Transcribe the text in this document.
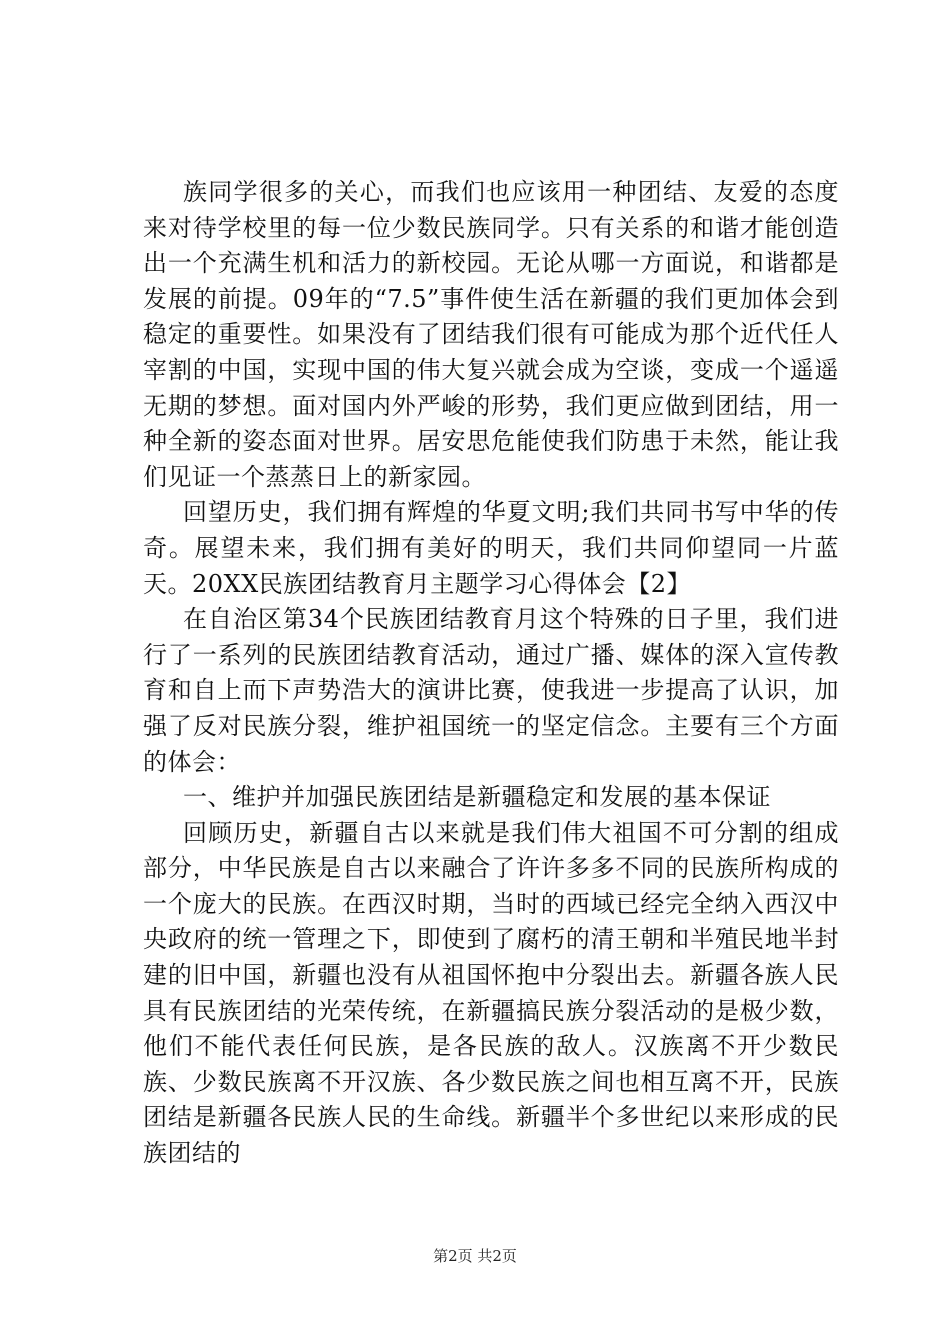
族同学很多的关心，而我们也应该用一种团结、友爱的态度来对待学校里的每一位少数民族同学。只有关系的和谐才能创造出一个充满生机和活力的新校园。无论从哪一方面说，和谐都是发展的前提。09年的“7.5”事件使生活在新疆的我们更加体会到稳定的重要性。如果没有了团结我们很有可能成为那个近代任人宰割的中国，实现中国的伟大复兴就会成为空谈，变成一个遥遥无期的梦想。面对国内外严峻的形势，我们更应做到团结，用一种全新的姿态面对世界。居安思危能使我们防患于未然，能让我们见证一个蒸蒸日上的新家园。

回望历史，我们拥有辉煌的华夏文明;我们共同书写中华的传奇。展望未来，我们拥有美好的明天，我们共同仰望同一片蓝天。20XX民族团结教育月主题学习心得体会【2】

在自治区第34个民族团结教育月这个特殊的日子里，我们进行了一系列的民族团结教育活动，通过广播、媒体的深入宣传教育和自上而下声势浩大的演讲比赛，使我进一步提高了认识，加强了反对民族分裂，维护祖国统一的坚定信念。主要有三个方面的体会：

一、维护并加强民族团结是新疆稳定和发展的基本保证

回顾历史，新疆自古以来就是我们伟大祖国不可分割的组成部分，中华民族是自古以来融合了许许多多不同的民族所构成的一个庞大的民族。在西汉时期，当时的西域已经完全纳入西汉中央政府的统一管理之下，即使到了腐朽的清王朝和半殖民地半封建的旧中国，新疆也没有从祖国怀抱中分裂出去。新疆各族人民具有民族团结的光荣传统，在新疆搞民族分裂活动的是极少数，他们不能代表任何民族，是各民族的敌人。汉族离不开少数民族、少数民族离不开汉族、各少数民族之间也相互离不开，民族团结是新疆各民族人民的生命线。新疆半个多世纪以来形成的民族团结的

第2页 共2页
